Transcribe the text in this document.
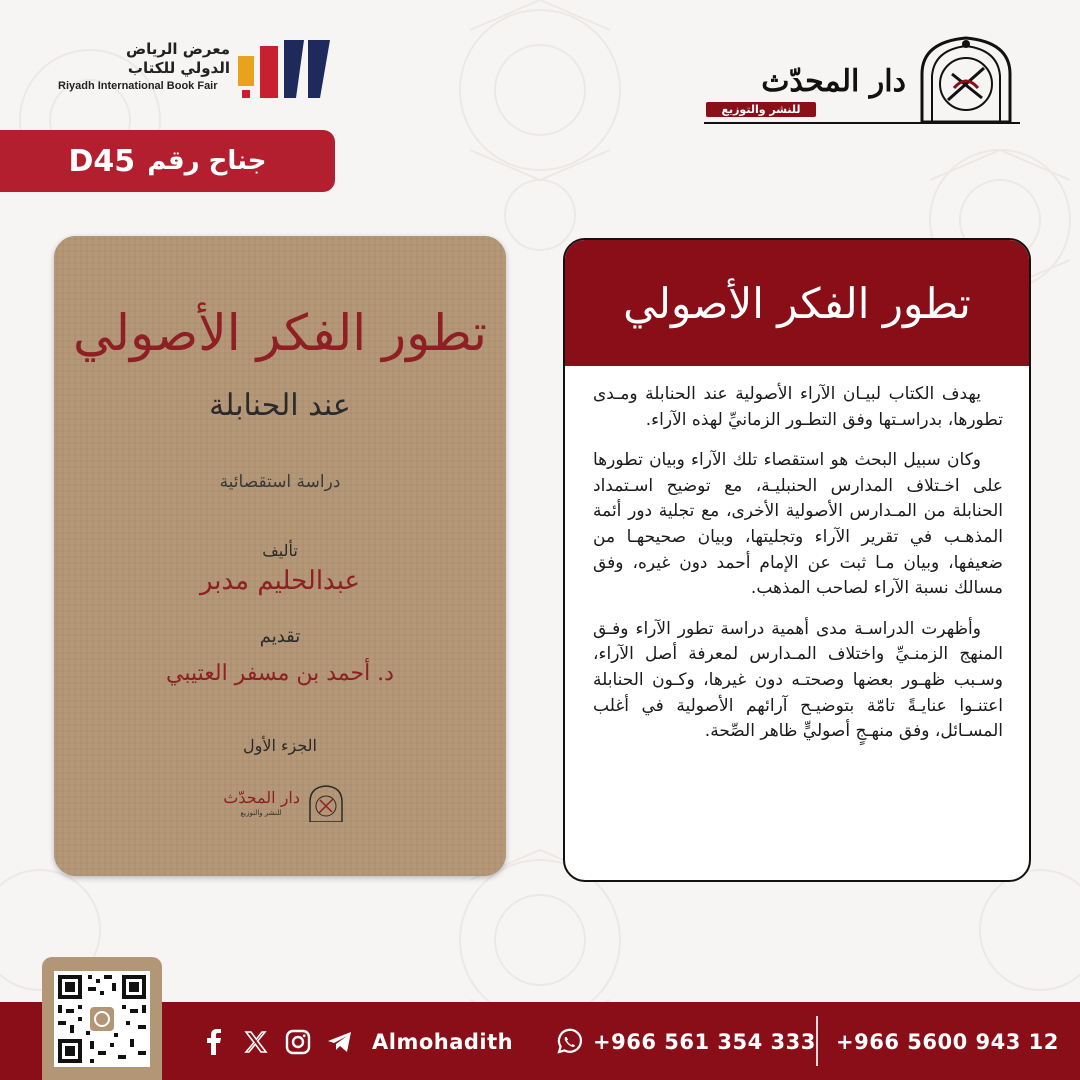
معرض الرياض
الدولي للكتاب
Riyadh International Book Fair
جناح رقم
D45
دار المحدّث
للنشر والتوزيع
تطور الفكر الأصولي
عند الحنابلة
دراسة استقصائية
تأليف
عبدالحليم مدبر
تقديم
د. أحمد بن مسفر العتيبي
الجزء الأول
دار المحدّث
للنشر والتوزيع
تطور الفكر الأصولي

يهدف الكتاب لبيـان الآراء الأصولية عند الحنابلة ومـدى تطورها، بدراسـتها وفق التطـور الزمانيِّ لهذه الآراء.

وكان سبيل البحث هو استقصاء تلك الآراء وبيان تطورها على اخـتلاف المدارس الحنبليـة، مع توضيح اسـتمداد الحنابلة من المـدارس الأصولية الأخرى، مع تجلية دور أئمة المذهـب في تقرير الآراء وتجليتها، وبيان صحيحهـا من ضعيفها، وبيان مـا ثبت عن الإمام أحمد دون غيره، وفق مسالك نسبة الآراء لصاحب المذهب.

وأظهرت الدراسـة مدى أهمية دراسة تطور الآراء وفـق المنهج الزمنـيِّ واختلاف المـدارس لمعرفة أصل الآراء، وسـبب ظهـور بعضها وصحتـه دون غيرها، وكـون الحنابلة اعتنـوا عنايـةً تامّة بتوضيـح آرائهم الأصولية في أغلب المسـائل، وفق منهـجٍ أصوليٍّ ظاهر الصِّحة.

Almohadith	+966 561 354 333 +966 5600 943 12
